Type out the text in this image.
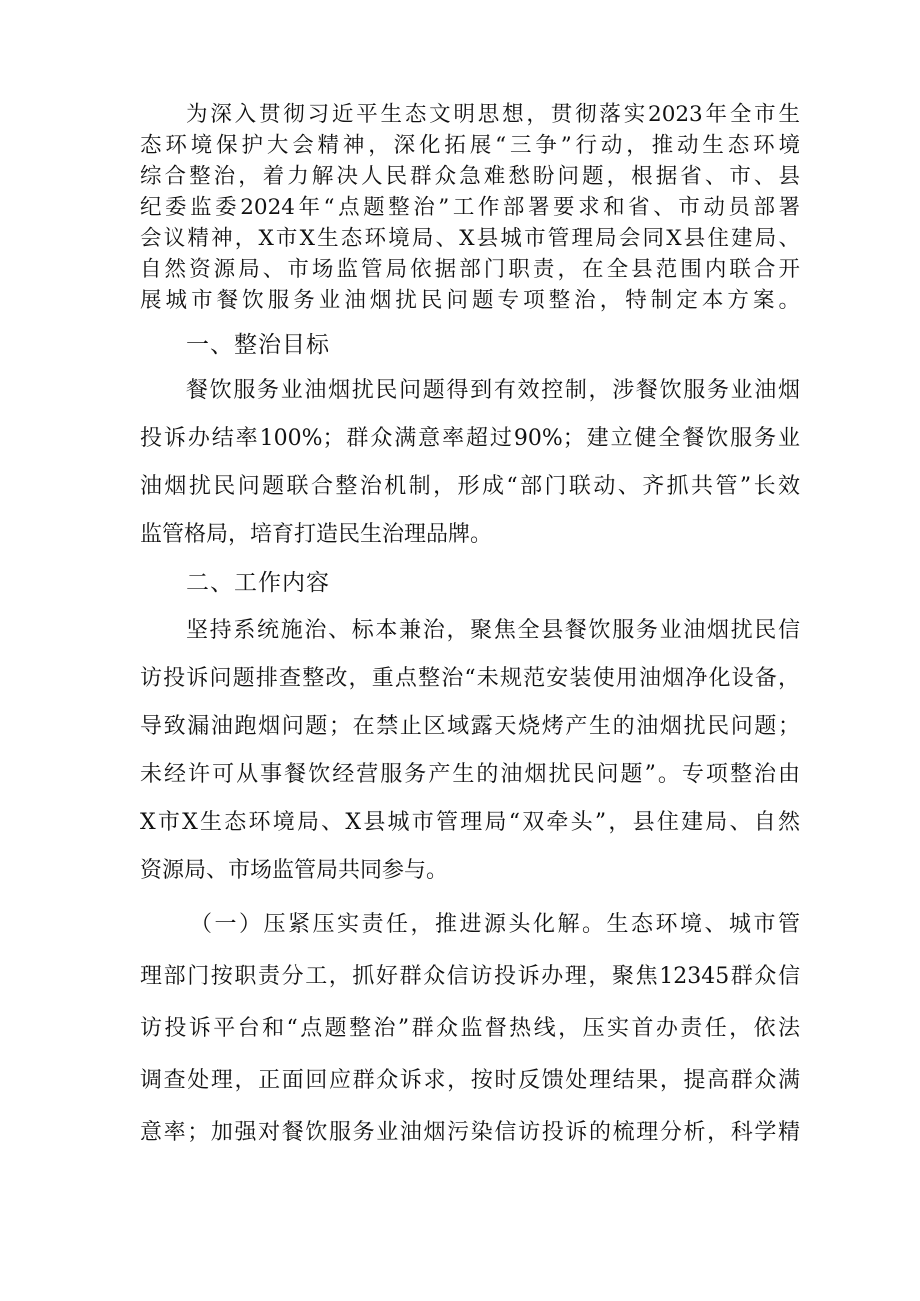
为深入贯彻习近平生态文明思想，贯彻落实2023年全市生
态环境保护大会精神，深化拓展“三争”行动，推动生态环境
综合整治，着力解决人民群众急难愁盼问题，根据省、市、县
纪委监委2024年“点题整治”工作部署要求和省、市动员部署
会议精神，X市X生态环境局、X县城市管理局会同X县住建局、
自然资源局、市场监管局依据部门职责，在全县范围内联合开
展城市餐饮服务业油烟扰民问题专项整治，特制定本方案。
一、整治目标
餐饮服务业油烟扰民问题得到有效控制，涉餐饮服务业油烟
投诉办结率100%；群众满意率超过90%；建立健全餐饮服务业
油烟扰民问题联合整治机制，形成“部门联动、齐抓共管”长效
监管格局，培育打造民生治理品牌。
二、工作内容
坚持系统施治、标本兼治，聚焦全县餐饮服务业油烟扰民信
访投诉问题排查整改，重点整治“未规范安装使用油烟净化设备，
导致漏油跑烟问题；在禁止区域露天烧烤产生的油烟扰民问题；
未经许可从事餐饮经营服务产生的油烟扰民问题”。专项整治由
X市X生态环境局、X县城市管理局“双牵头”，县住建局、自然
资源局、市场监管局共同参与。
（一）压紧压实责任，推进源头化解。生态环境、城市管
理部门按职责分工，抓好群众信访投诉办理，聚焦12345群众信
访投诉平台和“点题整治”群众监督热线，压实首办责任，依法
调查处理，正面回应群众诉求，按时反馈处理结果，提高群众满
意率；加强对餐饮服务业油烟污染信访投诉的梳理分析，科学精
